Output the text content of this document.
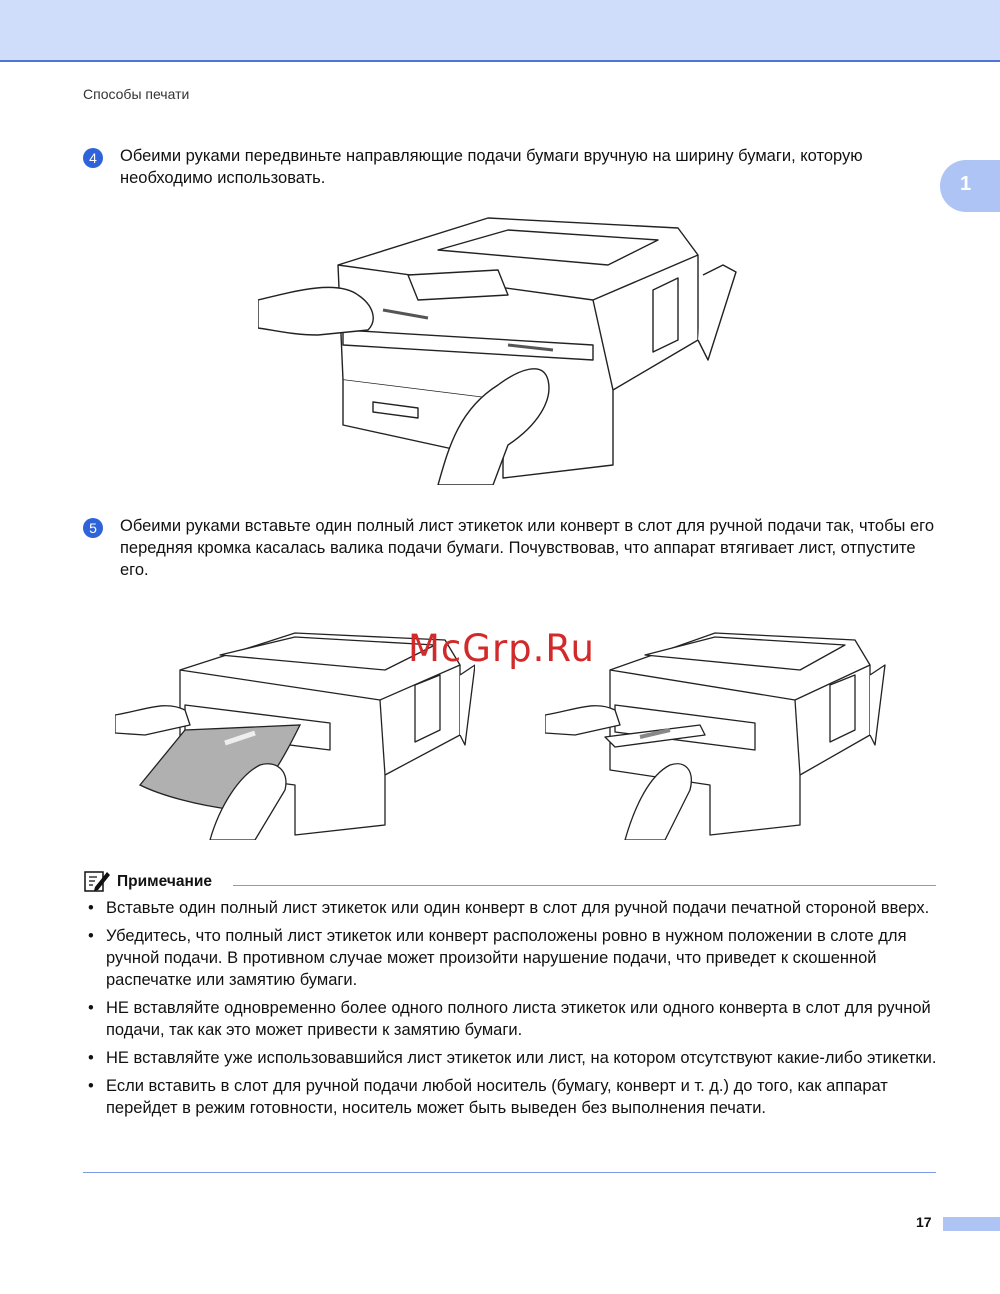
Способы печати
1
4	Обеими руками передвиньте направляющие подачи бумаги вручную на ширину бумаги, которую необходимо использовать.
5	Обеими руками вставьте один полный лист этикеток или конверт в слот для ручной подачи так, чтобы его передняя кромка касалась валика подачи бумаги. Почувствовав, что аппарат втягивает лист, отпустите его.
McGrp.Ru
Примечание
• Вставьте один полный лист этикеток или один конверт в слот для ручной подачи печатной стороной вверх.
• Убедитесь, что полный лист этикеток или конверт расположены ровно в нужном положении в слоте для ручной подачи. В противном случае может произойти нарушение подачи, что приведет к скошенной распечатке или замятию бумаги.
• НЕ вставляйте одновременно более одного полного листа этикеток или одного конверта в слот для ручной подачи, так как это может привести к замятию бумаги.
• НЕ вставляйте уже использовавшийся лист этикеток или лист, на котором отсутствуют какие-либо этикетки.
• Если вставить в слот для ручной подачи любой носитель (бумагу, конверт и т. д.) до того, как аппарат перейдет в режим готовности, носитель может быть выведен без выполнения печати.
17
